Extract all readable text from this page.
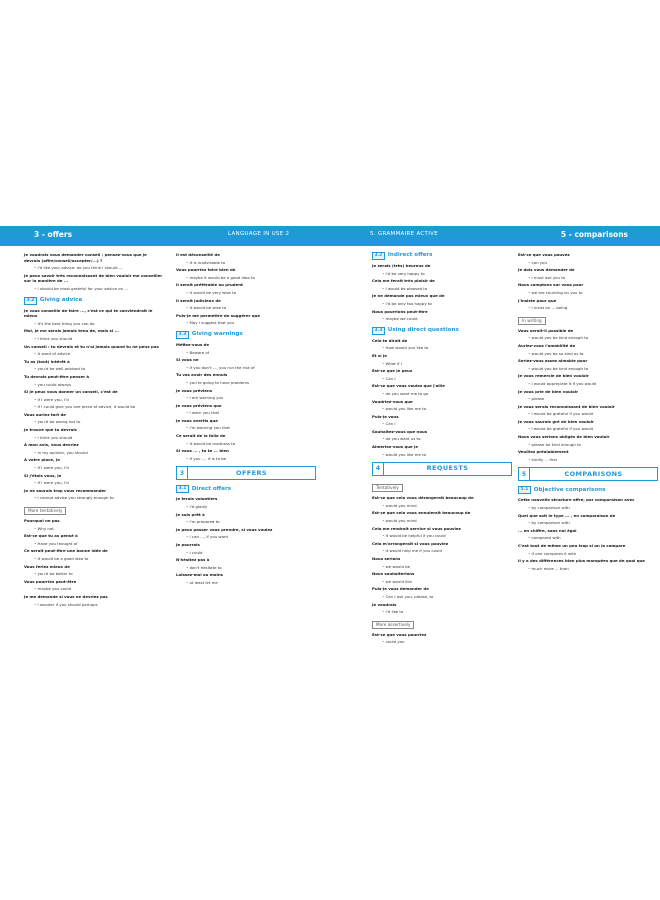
3 - offers	LANGUAGE IN USE 2	5. GRAMMAIRE ACTIVE	5 - comparisons
Je voudrais vous demander conseil : pensez-vous que je devrais (offre/conseil/accepter/...) ?
• I'd like your advice: do you think I should ...
Je peux savoir très reconnaissant de bien vouloir me conseiller sur la manière de ...
• I should be most grateful for your advice on ...
3.2 Giving advice
Je vous conseille de faire ..., c'est ce qui te conviendrait le mieux
• It's the best thing you can do
Moi, je me serais jamais tenu de, mais si ...
• I think you should
Un conseil : tu devrais et tu n'ai jamais quand tu ne peux pas
• A word of advice
Tu as (tout) intérêt à
• you'd be well-advised to
Tu devrais peut-être penser à
• you could always
Si je peux vous donner un conseil, c'est de
• If I were you, I'd
• If I could give you one piece of advice, it would be
Vous auriez tort de
• you'd be wrong not to
Je trouve que tu devrais
• I think you should
À mon avis, vous devriez
• in my opinion, you should
À votre place, je
• If I were you, I'd
Si j'étais vous, je
• If I were you, I'd
Je ne saurais trop vous recommander
• I cannot advise you strongly enough to
More tentatively
Pourquoi ne pas
• Why not
Est-ce que tu as pensé à
• Have you thought of
Ce serait peut-être une bonne idée de
• It would be a good idea to
Vous feriez mieux de
• you'd be better to
Vous pourriez peut-être
• maybe you could
Je me demande si vous ne devriez pas
• I wonder if you should perhaps
Il est déconseillé de
• It is inadvisable to
Vous pourriez faire bien de
• maybe it would be a good idea to
Il serait préférable ou prudent
• it would be very wise to
Il serait judicieux de
• It would be wise to
Puis-je me permettre de suggérer que
• May I suggest that you
3.3 Giving warnings
Méfiez-vous de
• Beware of
Si vous ne
• If you don't ..., you run the risk of
Tu vas avoir des ennuis
• you're going to have problems
Je vous préviens
• I am warning you
Je vous préviens que
• I warn you that
Je vous avertis que
• I'm warning you that
Ce serait de la folie de
• It would be madness to
Si vous ... , tu te ... bien
• If you ..., it is to be
3	OFFERS
3.1 Direct offers
Je ferais volontiers
• I'd gladly
Je suis prêt à
• I'm prepared to
Je peux passer vous prendre, si vous voulez
• I can ..., if you want
Je pourrais
• I could
N'hésitez pas à
• don't hesitate to
Laissez-moi au moins
• at least let me
3.2 Indirect offers
Je serais (très) heureux de
• I'd be very happy to
Cela me ferait très plaisir de
• I would be pleased to
Je ne demande pas mieux que de
• I'd be only too happy to
Nous pourrions peut-être
• maybe we could
3.3 Using direct questions
Cela te dirait de
• How would you like to
Et si je
• What if I
Est-ce que je peux
• Can I
Est-ce que vous voulez que j'aille
• do you want me to go
Voudriez-vous que
• would you like me to
Puis-je vous
• Can I
Souhaitez-vous que nous
• do you want us to
Aimeriez-vous que je
• would you like me to
4	REQUESTS
Tentatively
Est-ce que cela vous dérangerait beaucoup de
• would you mind
Est-ce que cela vous ennuierait beaucoup de
• would you mind
Cela me rendrait service si vous pouviez
• It would be helpful if you could
Cela m'arrangerait si vous pouviez
• It would help me if you could
Nous serions
• we would be
Nous souhaiterions
• we would like
Puis-je vous demander de
• Can I ask you, please, to
Je voudrais
• I'd like to
More assertively
Est-ce que vous pourriez
• could you
Est-ce que vous pouvez
• can you
Je dois vous demander de
• I must ask you to
Nous comptons sur vous pour
• we are counting on you to
J'insiste pour que
• I insist on ... being
In writing
Vous serait-il possible de
• would you be kind enough to
Auriez-vous l'amabilité de
• would you be so kind as to
Seriez-vous assez aimable pour
• would you be kind enough to
Je vous remercie de bien vouloir
• I would appreciate it if you would
Je vous prie de bien vouloir
• please
Je vous serais reconnaissant de bien vouloir
• I would be grateful if you would
Je vous saurais gré de bien vouloir
• I would be grateful if you would
Nous vous serions obligés de bien vouloir
• please be kind enough to
Veuillez préalablement
• kindly ... first
5	COMPARISONS
5.1 Objective comparisons
Cette nouvelle structure offre, par comparaison avec
• by comparison with
Quel que soit le type ... , en comparaison de
• by comparison with
... en chiffre, sans nul égal
• compared with
C'est tout de même un peu trop si on la compare
• If one compares it with
Il y a des différences bien plus marquées que de quoi que
• much more ... than
